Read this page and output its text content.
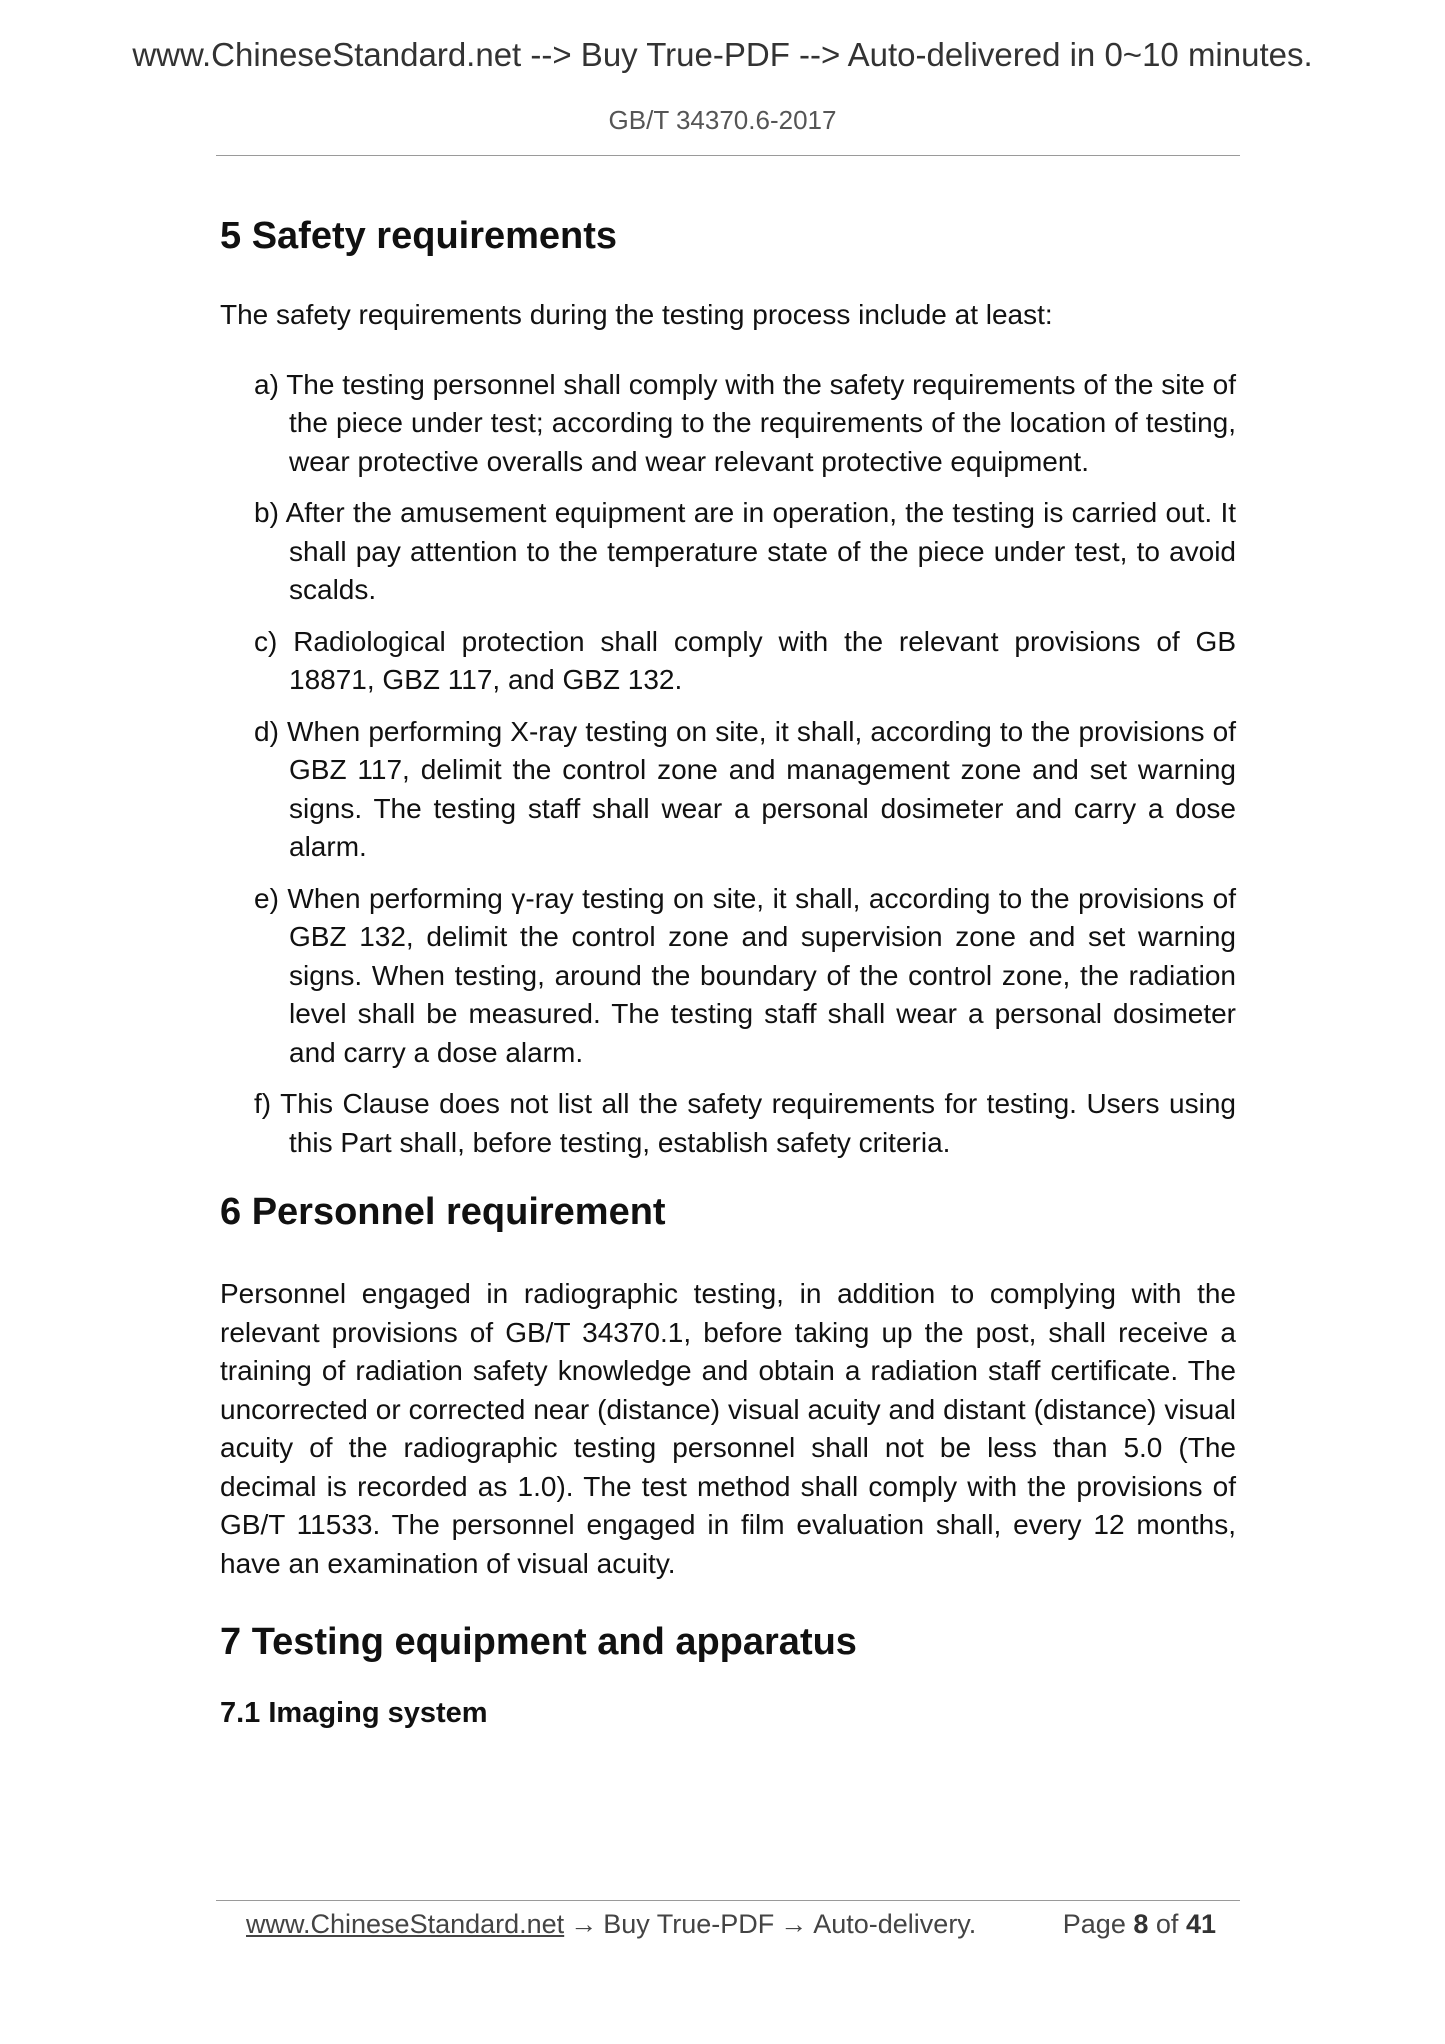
www.ChineseStandard.net --> Buy True-PDF --> Auto-delivered in 0~10 minutes.
GB/T 34370.6-2017
5 Safety requirements

The safety requirements during the testing process include at least:

a) The testing personnel shall comply with the safety requirements of the site of the piece under test; according to the requirements of the location of testing, wear protective overalls and wear relevant protective equipment.
b) After the amusement equipment are in operation, the testing is carried out. It shall pay attention to the temperature state of the piece under test, to avoid scalds.
c) Radiological protection shall comply with the relevant provisions of GB 18871, GBZ 117, and GBZ 132.
d) When performing X-ray testing on site, it shall, according to the provisions of GBZ 117, delimit the control zone and management zone and set warning signs. The testing staff shall wear a personal dosimeter and carry a dose alarm.
e) When performing γ-ray testing on site, it shall, according to the provisions of GBZ 132, delimit the control zone and supervision zone and set warning signs. When testing, around the boundary of the control zone, the radiation level shall be measured. The testing staff shall wear a personal dosimeter and carry a dose alarm.
f) This Clause does not list all the safety requirements for testing. Users using this Part shall, before testing, establish safety criteria.
6 Personnel requirement

Personnel engaged in radiographic testing, in addition to complying with the relevant provisions of GB/T 34370.1, before taking up the post, shall receive a training of radiation safety knowledge and obtain a radiation staff certificate. The uncorrected or corrected near (distance) visual acuity and distant (distance) visual acuity of the radiographic testing personnel shall not be less than 5.0 (The decimal is recorded as 1.0). The test method shall comply with the provisions of GB/T 11533. The personnel engaged in film evaluation shall, every 12 months, have an examination of visual acuity.

7 Testing equipment and apparatus
7.1 Imaging system
www.ChineseStandard.net → Buy True-PDF → Auto-delivery.	Page 8 of 41
